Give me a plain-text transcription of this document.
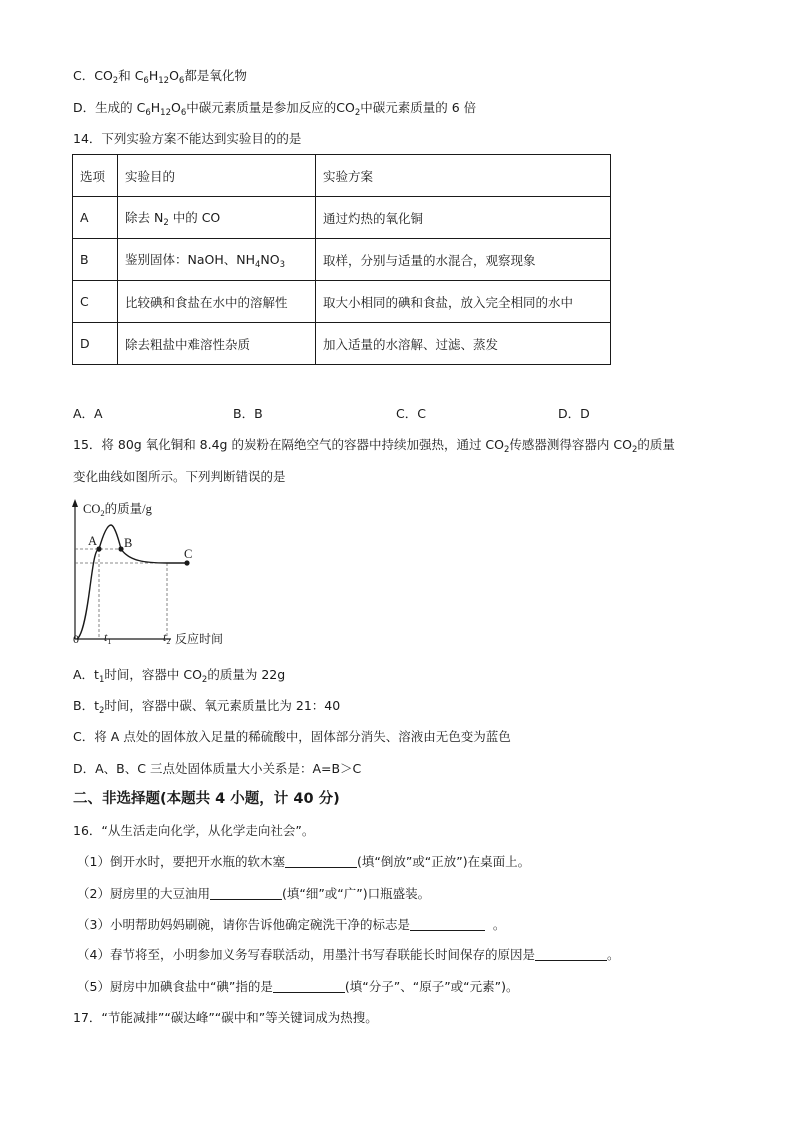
C．$CO_2$和 $C_6H_{12}O_6$都是氧化物
D．生成的 $C_6H_{12}O_6$中碳元素质量是参加反应的$CO_2$中碳元素质量的 6 倍
14．下列实验方案不能达到实验目的的是
选项	实验目的	实验方案
A	除去 $N_2$ 中的 CO	通过灼热的氧化铜
B	鉴别固体：NaOH、$NH_4NO_3$	取样，分别与适量的水混合，观察现象
C	比较碘和食盐在水中的溶解性	取大小相同的碘和食盐，放入完全相同的水中
D	除去粗盐中难溶性杂质	加入适量的水溶解、过滤、蒸发
A．A	B．B	C．C	D．D
15．将 80g 氧化铜和 8.4g 的炭粉在隔绝空气的容器中持续加强热，通过 $CO_2$传感器测得容器内 $CO_2$的质量
变化曲线如图所示。下列判断错误的是
$CO_2$的质量/g
A B
C
0 $t_1$	$t_2$ 反应时间
A．$t_1$时间，容器中 $CO_2$的质量为 22g
B．$t_2$时间，容器中碳、氧元素质量比为 21：40
C．将 A 点处的固体放入足量的稀硫酸中，固体部分消失、溶液由无色变为蓝色
D．A、B、C 三点处固体质量大小关系是：A=B＞C
二、非选择题(本题共 4 小题，计 40 分)
16．“从生活走向化学，从化学走向社会”。
（1）倒开水时，要把开水瓶的软木塞	(填“倒放”或“正放”)在桌面上。
（2）厨房里的大豆油用	(填“细”或“广”)口瓶盛装。
（3）小明帮助妈妈刷碗，请你告诉他确定碗洗干净的标志是	。
（4）春节将至，小明参加义务写春联活动，用墨汁书写春联能长时间保存的原因是	。
（5）厨房中加碘食盐中“碘”指的是	(填“分子”、“原子”或“元素”)。
17．“节能减排”“碳达峰”“碳中和”等关键词成为热搜。
